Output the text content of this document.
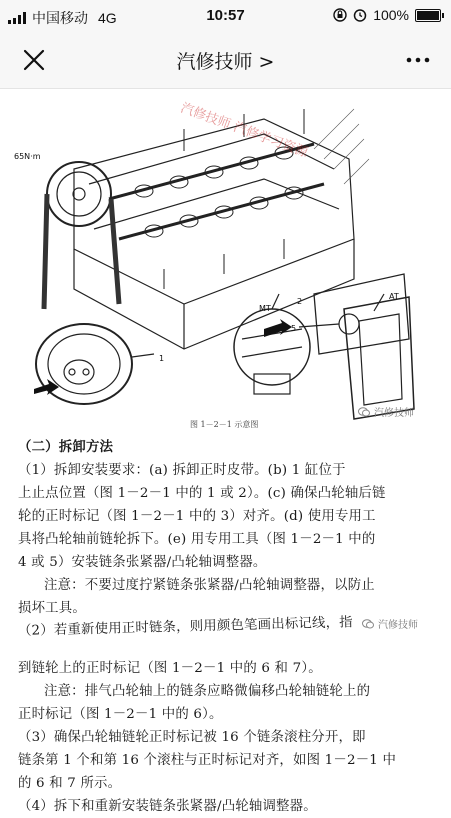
中国移动 4G	10:57	100%
汽修技师 >
65N·m
1
2
5
MT
AT
汽修技师 汽修学习资源
图 1－2－1 示意图
汽修技师

（二）拆卸方法

（1）拆卸安装要求：(a) 拆卸正时皮带。(b) 1 缸位于

上止点位置（图 1－2－1 中的 1 或 2）。(c) 确保凸轮轴后链

轮的正时标记（图 1－2－1 中的 3）对齐。(d) 使用专用工

具将凸轮轴前链轮拆下。(e) 用专用工具（图 1－2－1 中的

4 或 5）安装链条张紧器/凸轮轴调整器。

注意：不要过度拧紧链条张紧器/凸轮轴调整器，以防止

损坏工具。

（2）若重新使用正时链条，则用颜色笔画出标记线，指	汽修技师

到链轮上的正时标记（图 1－2－1 中的 6 和 7）。

注意：排气凸轮轴上的链条应略微偏移凸轮轴链轮上的

正时标记（图 1－2－1 中的 6）。

（3）确保凸轮轴链轮正时标记被 16 个链条滚柱分开，即

链条第 1 个和第 16 个滚柱与正时标记对齐，如图 1－2－1 中

的 6 和 7 所示。

（4）拆下和重新安装链条张紧器/凸轮轴调整器。
